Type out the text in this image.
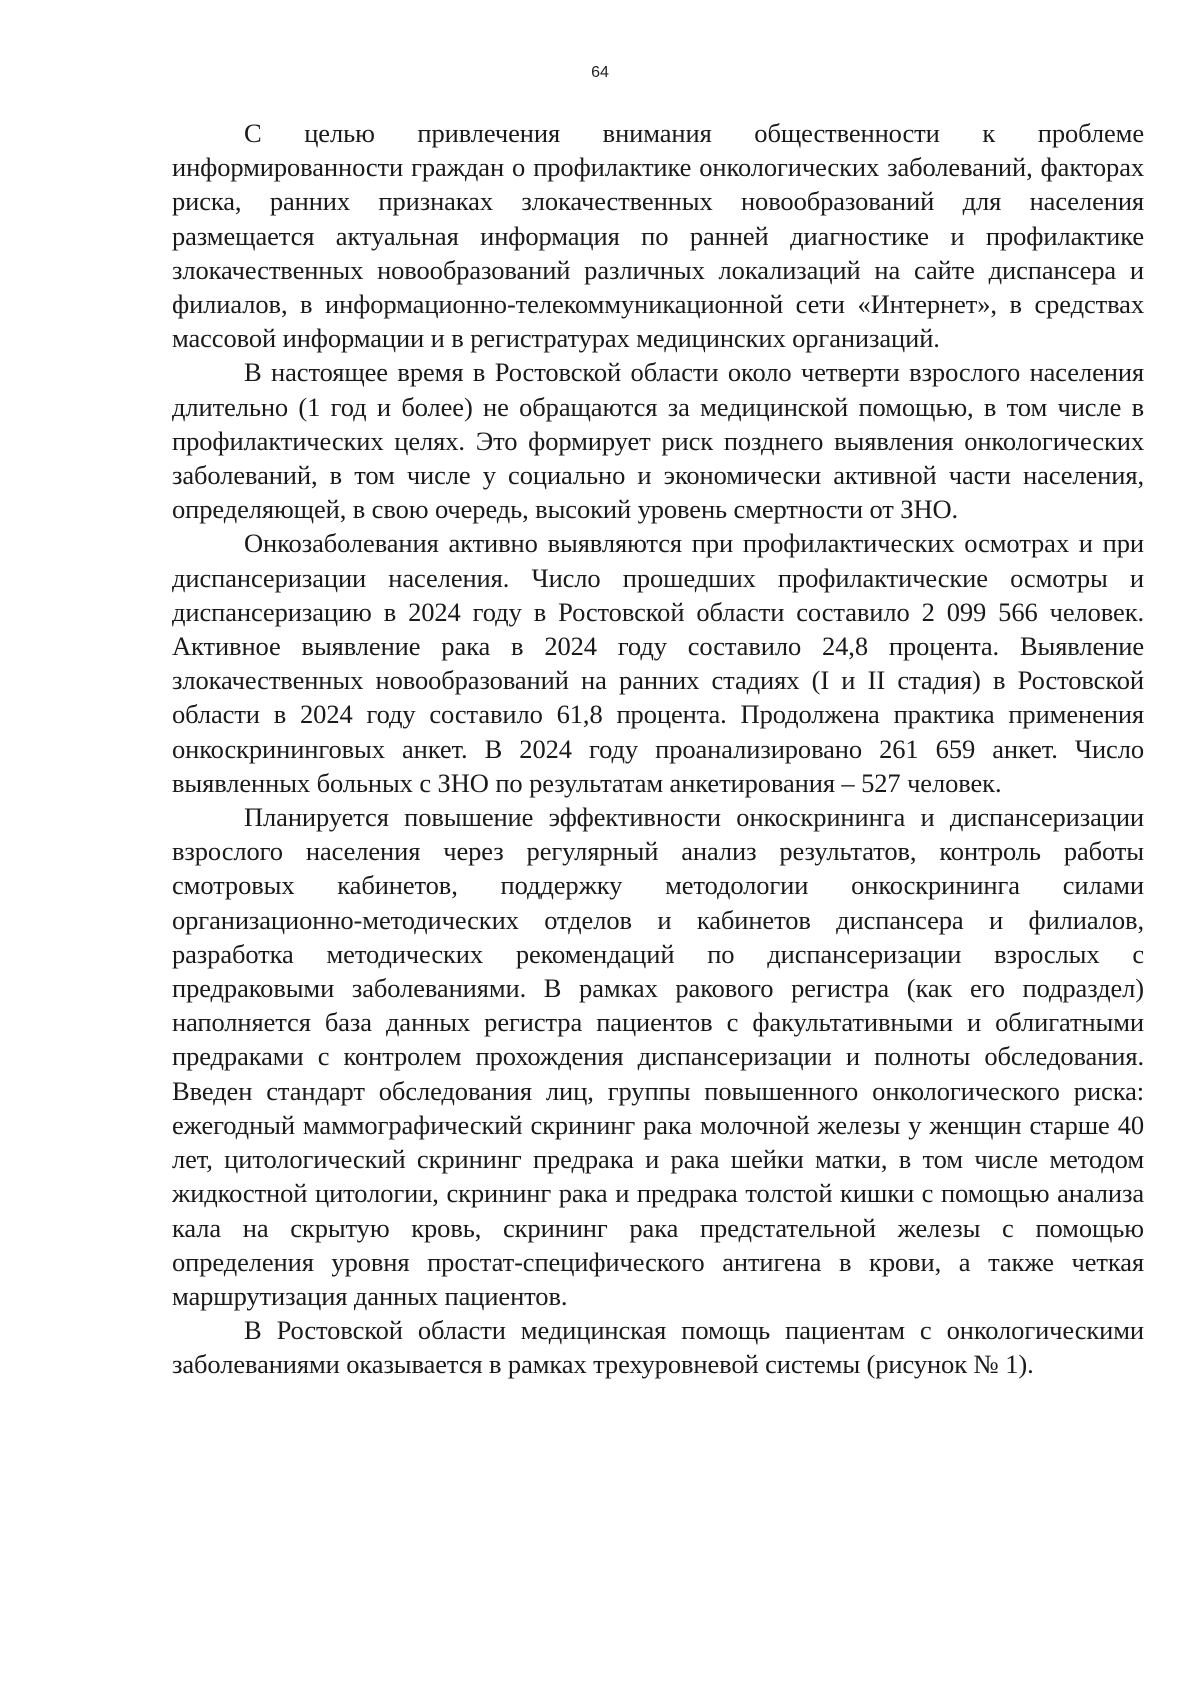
64

С целью привлечения внимания общественности к проблеме информированности граждан о профилактике онкологических заболеваний, факторах риска, ранних признаках злокачественных новообразований для населения размещается актуальная информация по ранней диагностике и профилактике злокачественных новообразований различных локализаций на сайте диспансера и филиалов, в информационно-телекоммуникационной сети «Интернет», в средствах массовой информации и в регистратурах медицинских организаций.

В настоящее время в Ростовской области около четверти взрослого населения длительно (1 год и более) не обращаются за медицинской помощью, в том числе в профилактических целях. Это формирует риск позднего выявления онкологических заболеваний, в том числе у социально и экономически активной части населения, определяющей, в свою очередь, высокий уровень смертности от ЗНО.

Онкозаболевания активно выявляются при профилактических осмотрах и при диспансеризации населения. Число прошедших профилактические осмотры и диспансеризацию в 2024 году в Ростовской области составило 2 099 566 человек. Активное выявление рака в 2024 году составило 24,8 процента. Выявление злокачественных новообразований на ранних стадиях (I и II стадия) в Ростовской области в 2024 году составило 61,8 процента. Продолжена практика применения онкоскрининговых анкет. В 2024 году проанализировано 261 659 анкет. Число выявленных больных с ЗНО по результатам анкетирования – 527 человек.

Планируется повышение эффективности онкоскрининга и диспансеризации взрослого населения через регулярный анализ результатов, контроль работы смотровых кабинетов, поддержку методологии онкоскрининга силами организационно-методических отделов и кабинетов диспансера и филиалов, разработка методических рекомендаций по диспансеризации взрослых с предраковыми заболеваниями. В рамках ракового регистра (как его подраздел) наполняется база данных регистра пациентов с факультативными и облигатными предраками с контролем прохождения диспансеризации и полноты обследования. Введен стандарт обследования лиц, группы повышенного онкологического риска: ежегодный маммографический скрининг рака молочной железы у женщин старше 40 лет, цитологический скрининг предрака и рака шейки матки, в том числе методом жидкостной цитологии, скрининг рака и предрака толстой кишки с помощью анализа кала на скрытую кровь, скрининг рака предстательной железы с помощью определения уровня простат-специфического антигена в крови, а также четкая маршрутизация данных пациентов.

В Ростовской области медицинская помощь пациентам с онкологическими заболеваниями оказывается в рамках трехуровневой системы (рисунок № 1).
